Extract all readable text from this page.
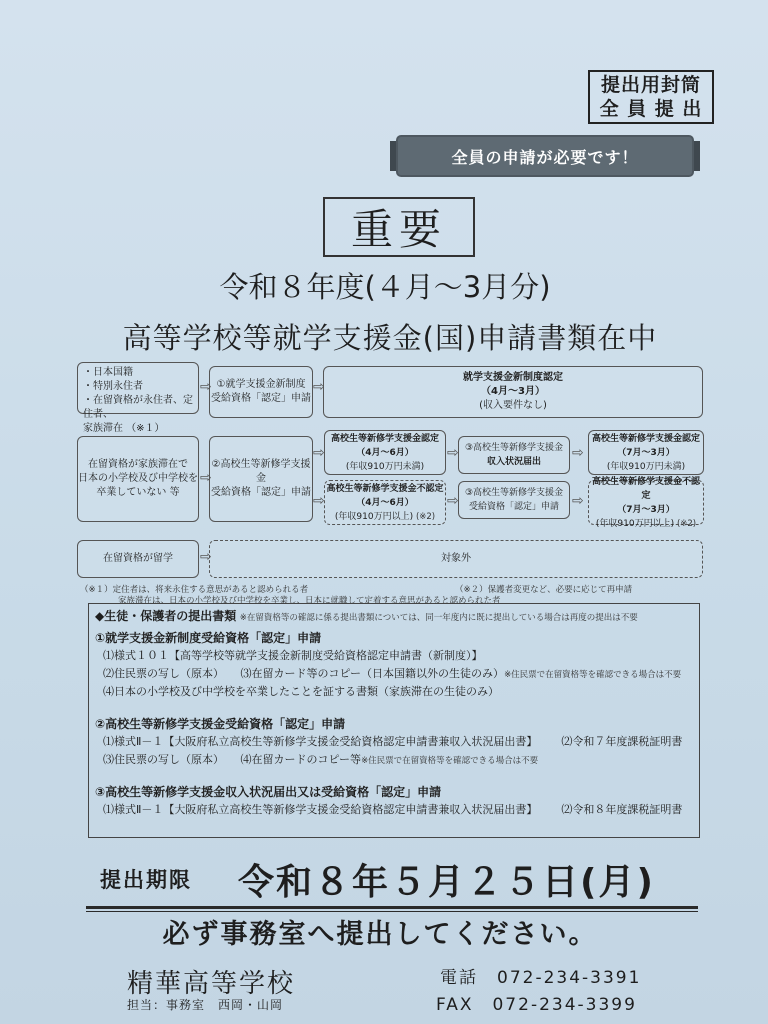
提出用封筒
全 員 提 出
全員の申請が必要です！
重要
令和８年度(４月～3月分)
高等学校等就学支援金(国)申請書類在中
・日本国籍
・特別永住者
・在留資格が永住者、定住者、
家族滞在 （※１）
⇨ ①就学支援金新制度
受給資格「認定」申請
⇨
就学支援金新制度認定
（4月～3月）
(収入要件なし)
在留資格が家族滞在で
日本の小学校及び中学校を
卒業していない 等
⇨
②高校生等新修学支援金
受給資格「認定」申請
⇨
⇨
高校生等新修学支援金認定
（4月～6月）
(年収910万円未満)
高校生等新修学支援金不認定
（4月～6月）
(年収910万円以上) (※2)
⇨
⇨
③高校生等新修学支援金
収入状況届出
③高校生等新修学支援金
受給資格「認定」申請
⇨
⇨
高校生等新修学支援金認定
（7月～3月）
(年収910万円未満)
高校生等新修学支援金不認定
（7月～3月）
(年収910万円以上) (※2)
在留資格が留学 ⇨	対象外
（※１）定住者は、将来永住する意思があると認められる者
家族滞在は、日本の小学校及び中学校を卒業し、日本に就職して定着する意思があると認められた者
（※２）保護者変更など、必要に応じて再申請
◆生徒・保護者の提出書類 ※在留資格等の確認に係る提出書類については、同一年度内に既に提出している場合は再度の提出は不要
①就学支援金新制度受給資格「認定」申請
⑴様式１０１【高等学校等就学支援金新制度受給資格認定申請書（新制度）】
⑵住民票の写し（原本）　　⑶在留カード等のコピー（日本国籍以外の生徒のみ）※住民票で在留資格等を確認できる場合は不要
⑷日本の小学校及び中学校を卒業したことを証する書類（家族滞在の生徒のみ）
②高校生等新修学支援金受給資格「認定」申請
⑴様式Ⅱ－１【大阪府私立高校生等新修学支援金受給資格認定申請書兼収入状況届出書】 ⑵令和７年度課税証明書
⑶住民票の写し（原本）　　⑷在留カードのコピー等※住民票で在留資格等を確認できる場合は不要
③高校生等新修学支援金収入状況届出又は受給資格「認定」申請
⑴様式Ⅱ－１【大阪府私立高校生等新修学支援金受給資格認定申請書兼収入状況届出書】 ⑵令和８年度課税証明書
提出期限 令和８年５月２５日(月)
必ず事務室へ提出してください。
精華高等学校
担当：事務室　西岡・山岡
電話　072-234-3391
FAX　072-234-3399
